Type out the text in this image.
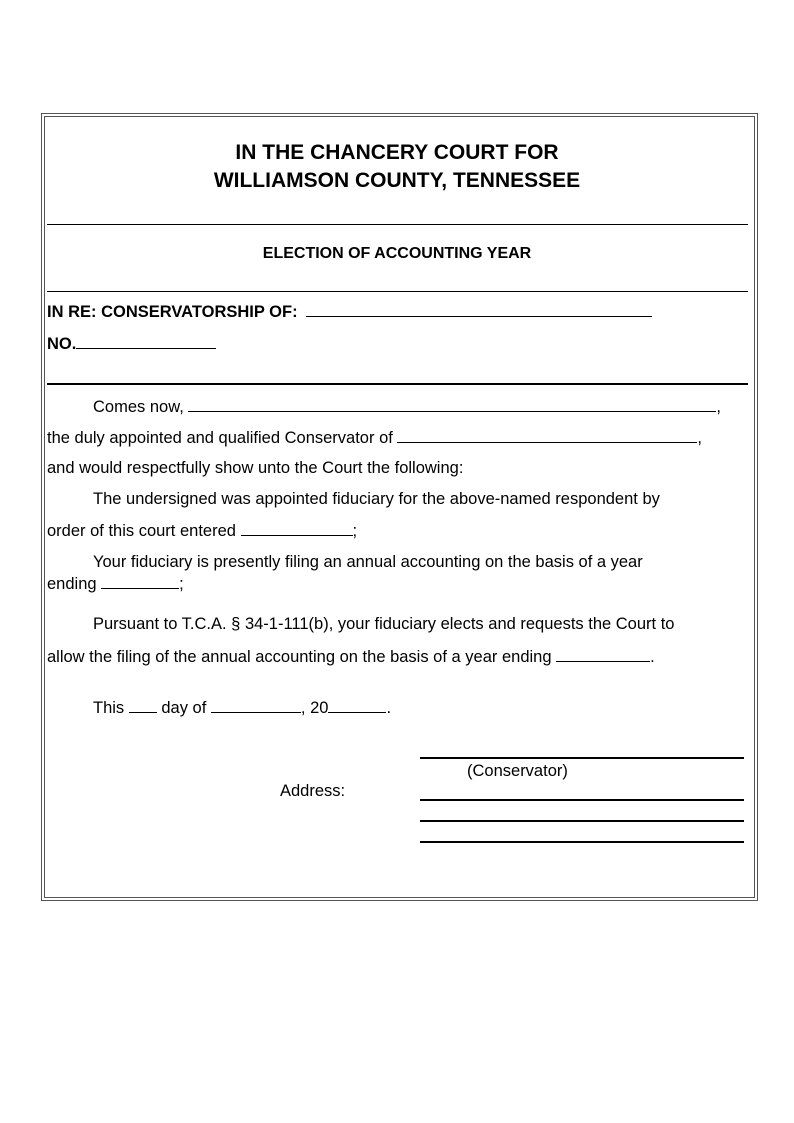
IN THE CHANCERY COURT FOR
WILLIAMSON COUNTY, TENNESSEE
ELECTION OF ACCOUNTING YEAR
IN RE: CONSERVATORSHIP OF:
NO.
Comes now,	,
the duly appointed and qualified Conservator of	,
and would respectfully show unto the Court the following:
The undersigned was appointed fiduciary for the above-named respondent by
order of this court entered	;
Your fiduciary is presently filing an annual accounting on the basis of a year
ending	;
Pursuant to T.C.A. § 34-1-111(b), your fiduciary elects and requests the Court to
allow the filing of the annual accounting on the basis of a year ending	.
This day of	, 20	.
(Conservator)
Address:
